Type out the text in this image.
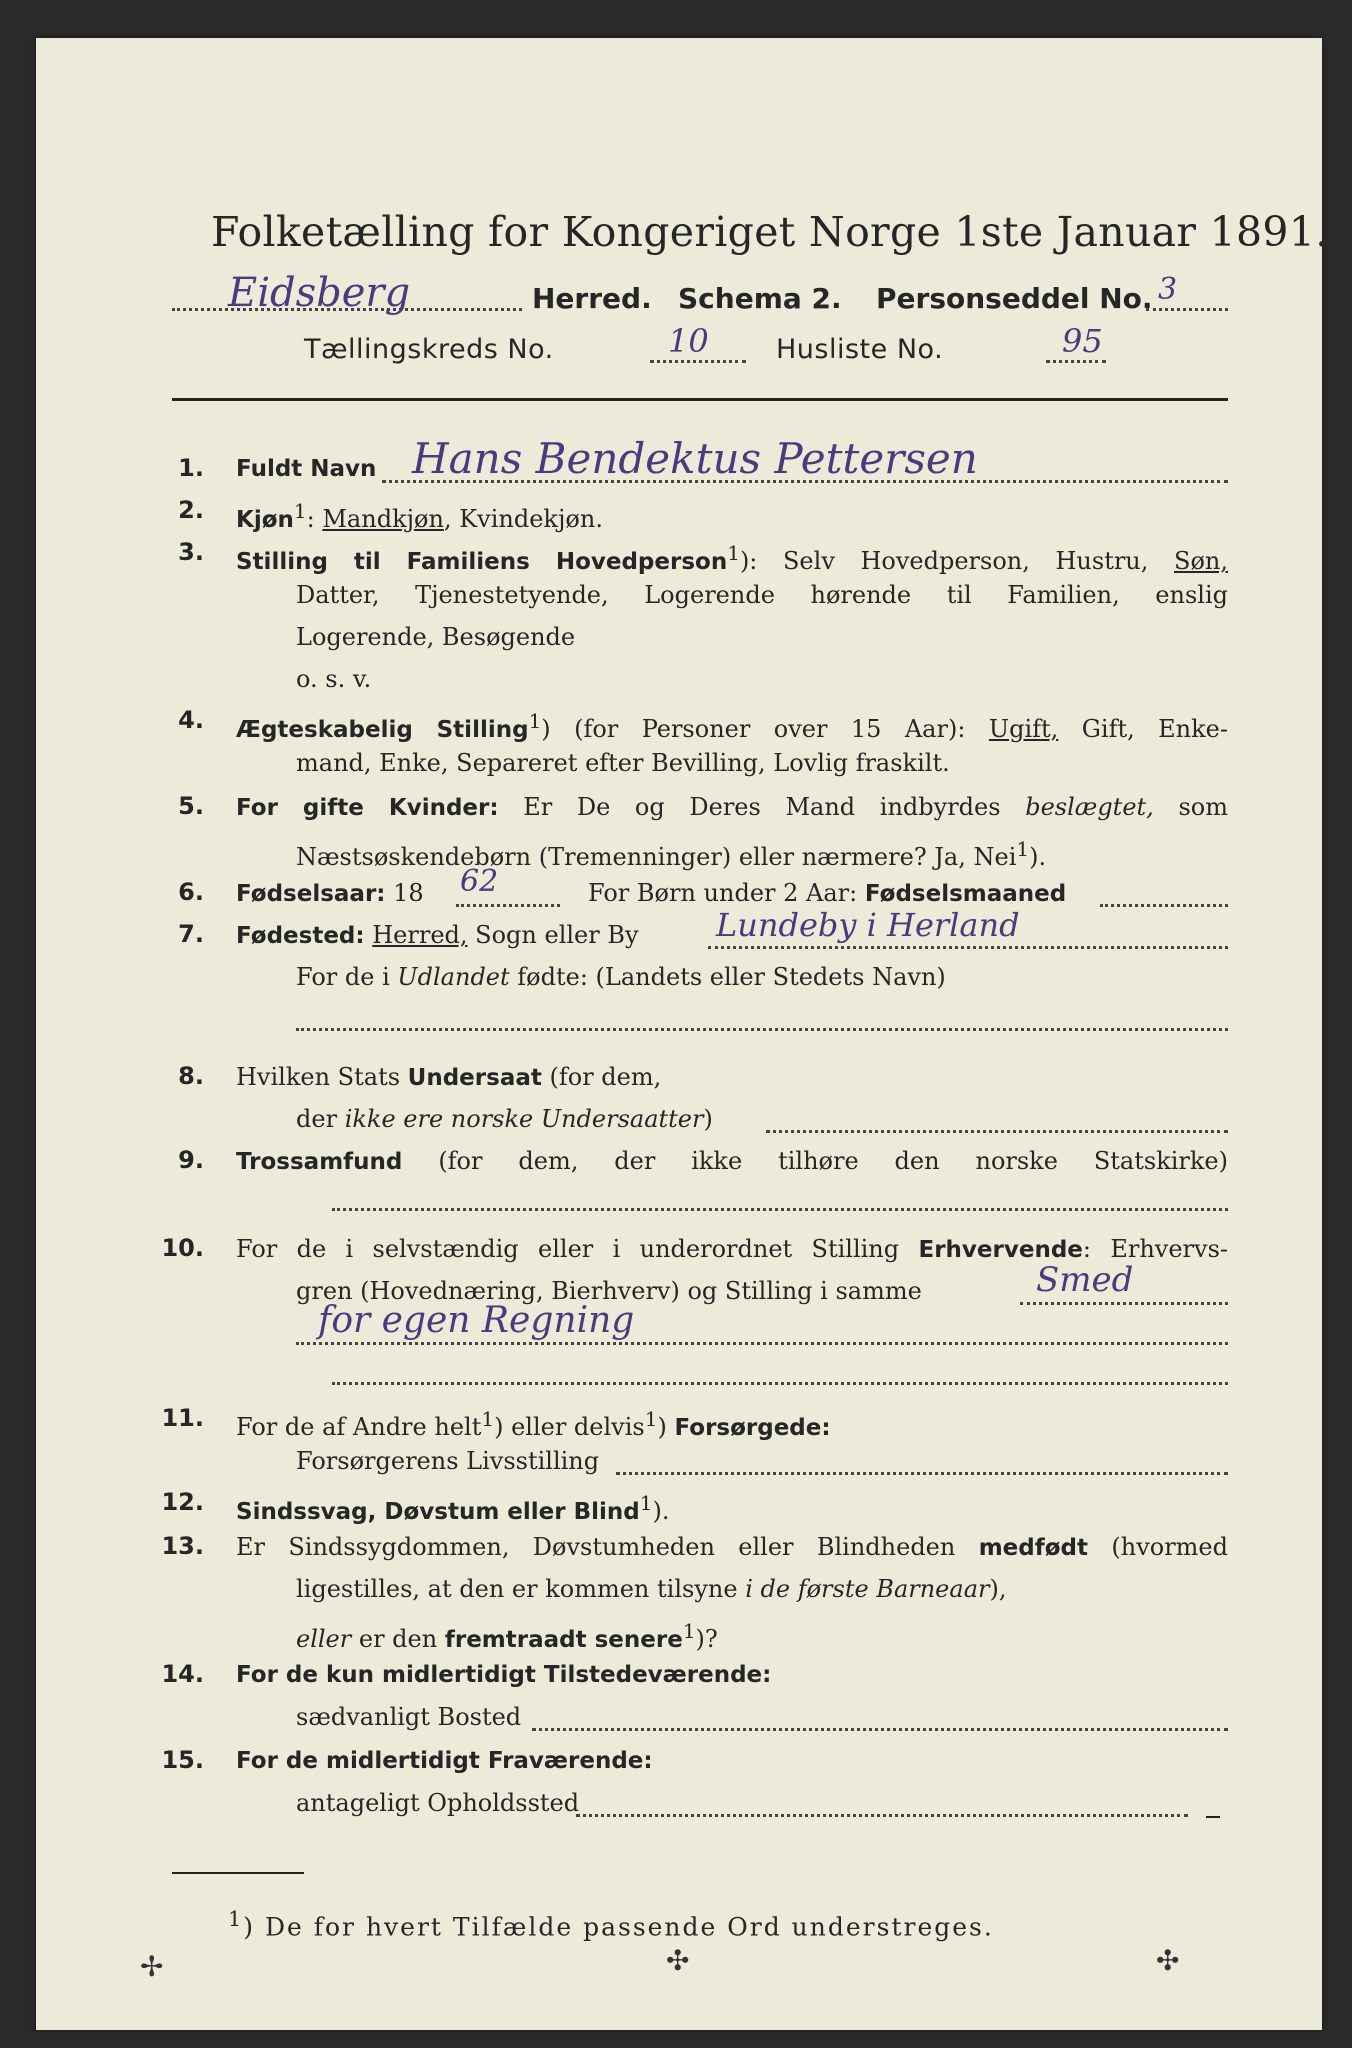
Folketælling for Kongeriget Norge 1ste Januar 1891.
Eidsberg	Herred. Schema 2. Personseddel No. 3
Tællingskreds No.	10 Husliste No.	95
1. Fuldt Navn Hans Bendektus Pettersen
2. Kjøn$^1$: Mandkjøn, Kvindekjøn.
3. Stilling til Familiens Hovedperson$^1$): Selv Hovedperson, Hustru, Søn,
Datter, Tjenestetyende, Logerende hørende til Familien, enslig
Logerende, Besøgende
o. s. v.
4. Ægteskabelig Stilling$^1$) (for Personer over 15 Aar): Ugift, Gift, Enke-
mand, Enke, Separeret efter Bevilling, Lovlig fraskilt.
5. For gifte Kvinder: Er De og Deres Mand indbyrdes beslægtet, som
Næstsøskendebørn (Tremenninger) eller nærmere? Ja, Nei$^1$).
6. Fødselsaar: 18 62	For Børn under 2 Aar: Fødselsmaaned
7. Fødested: Herred, Sogn eller By Lundeby i Herland
For de i Udlandet fødte: (Landets eller Stedets Navn)
8. Hvilken Stats Undersaat (for dem,
der ikke ere norske Undersaatter)
9. Trossamfund (for dem, der ikke tilhøre den norske Statskirke)
10. For de i selvstændig eller i underordnet Stilling Erhvervende: Erhvervs-
gren (Hovednæring, Bierhverv) og Stilling i samme	Smed
for egen Regning
11. For de af Andre helt$^1$) eller delvis$^1$) Forsørgede:
Forsørgerens Livsstilling
12. Sindssvag, Døvstum eller Blind$^1$).
13. Er Sindssygdommen, Døvstumheden eller Blindheden medfødt (hvormed
ligestilles, at den er kommen tilsyne i de første Barneaar),
eller er den fremtraadt senere$^1$)?
14. For de kun midlertidigt Tilstedeværende:
sædvanligt Bosted
15. For de midlertidigt Fraværende:
antageligt Opholdssted
$^1$) De for hvert Tilfælde passende Ord understreges.
✢	✣	✣
